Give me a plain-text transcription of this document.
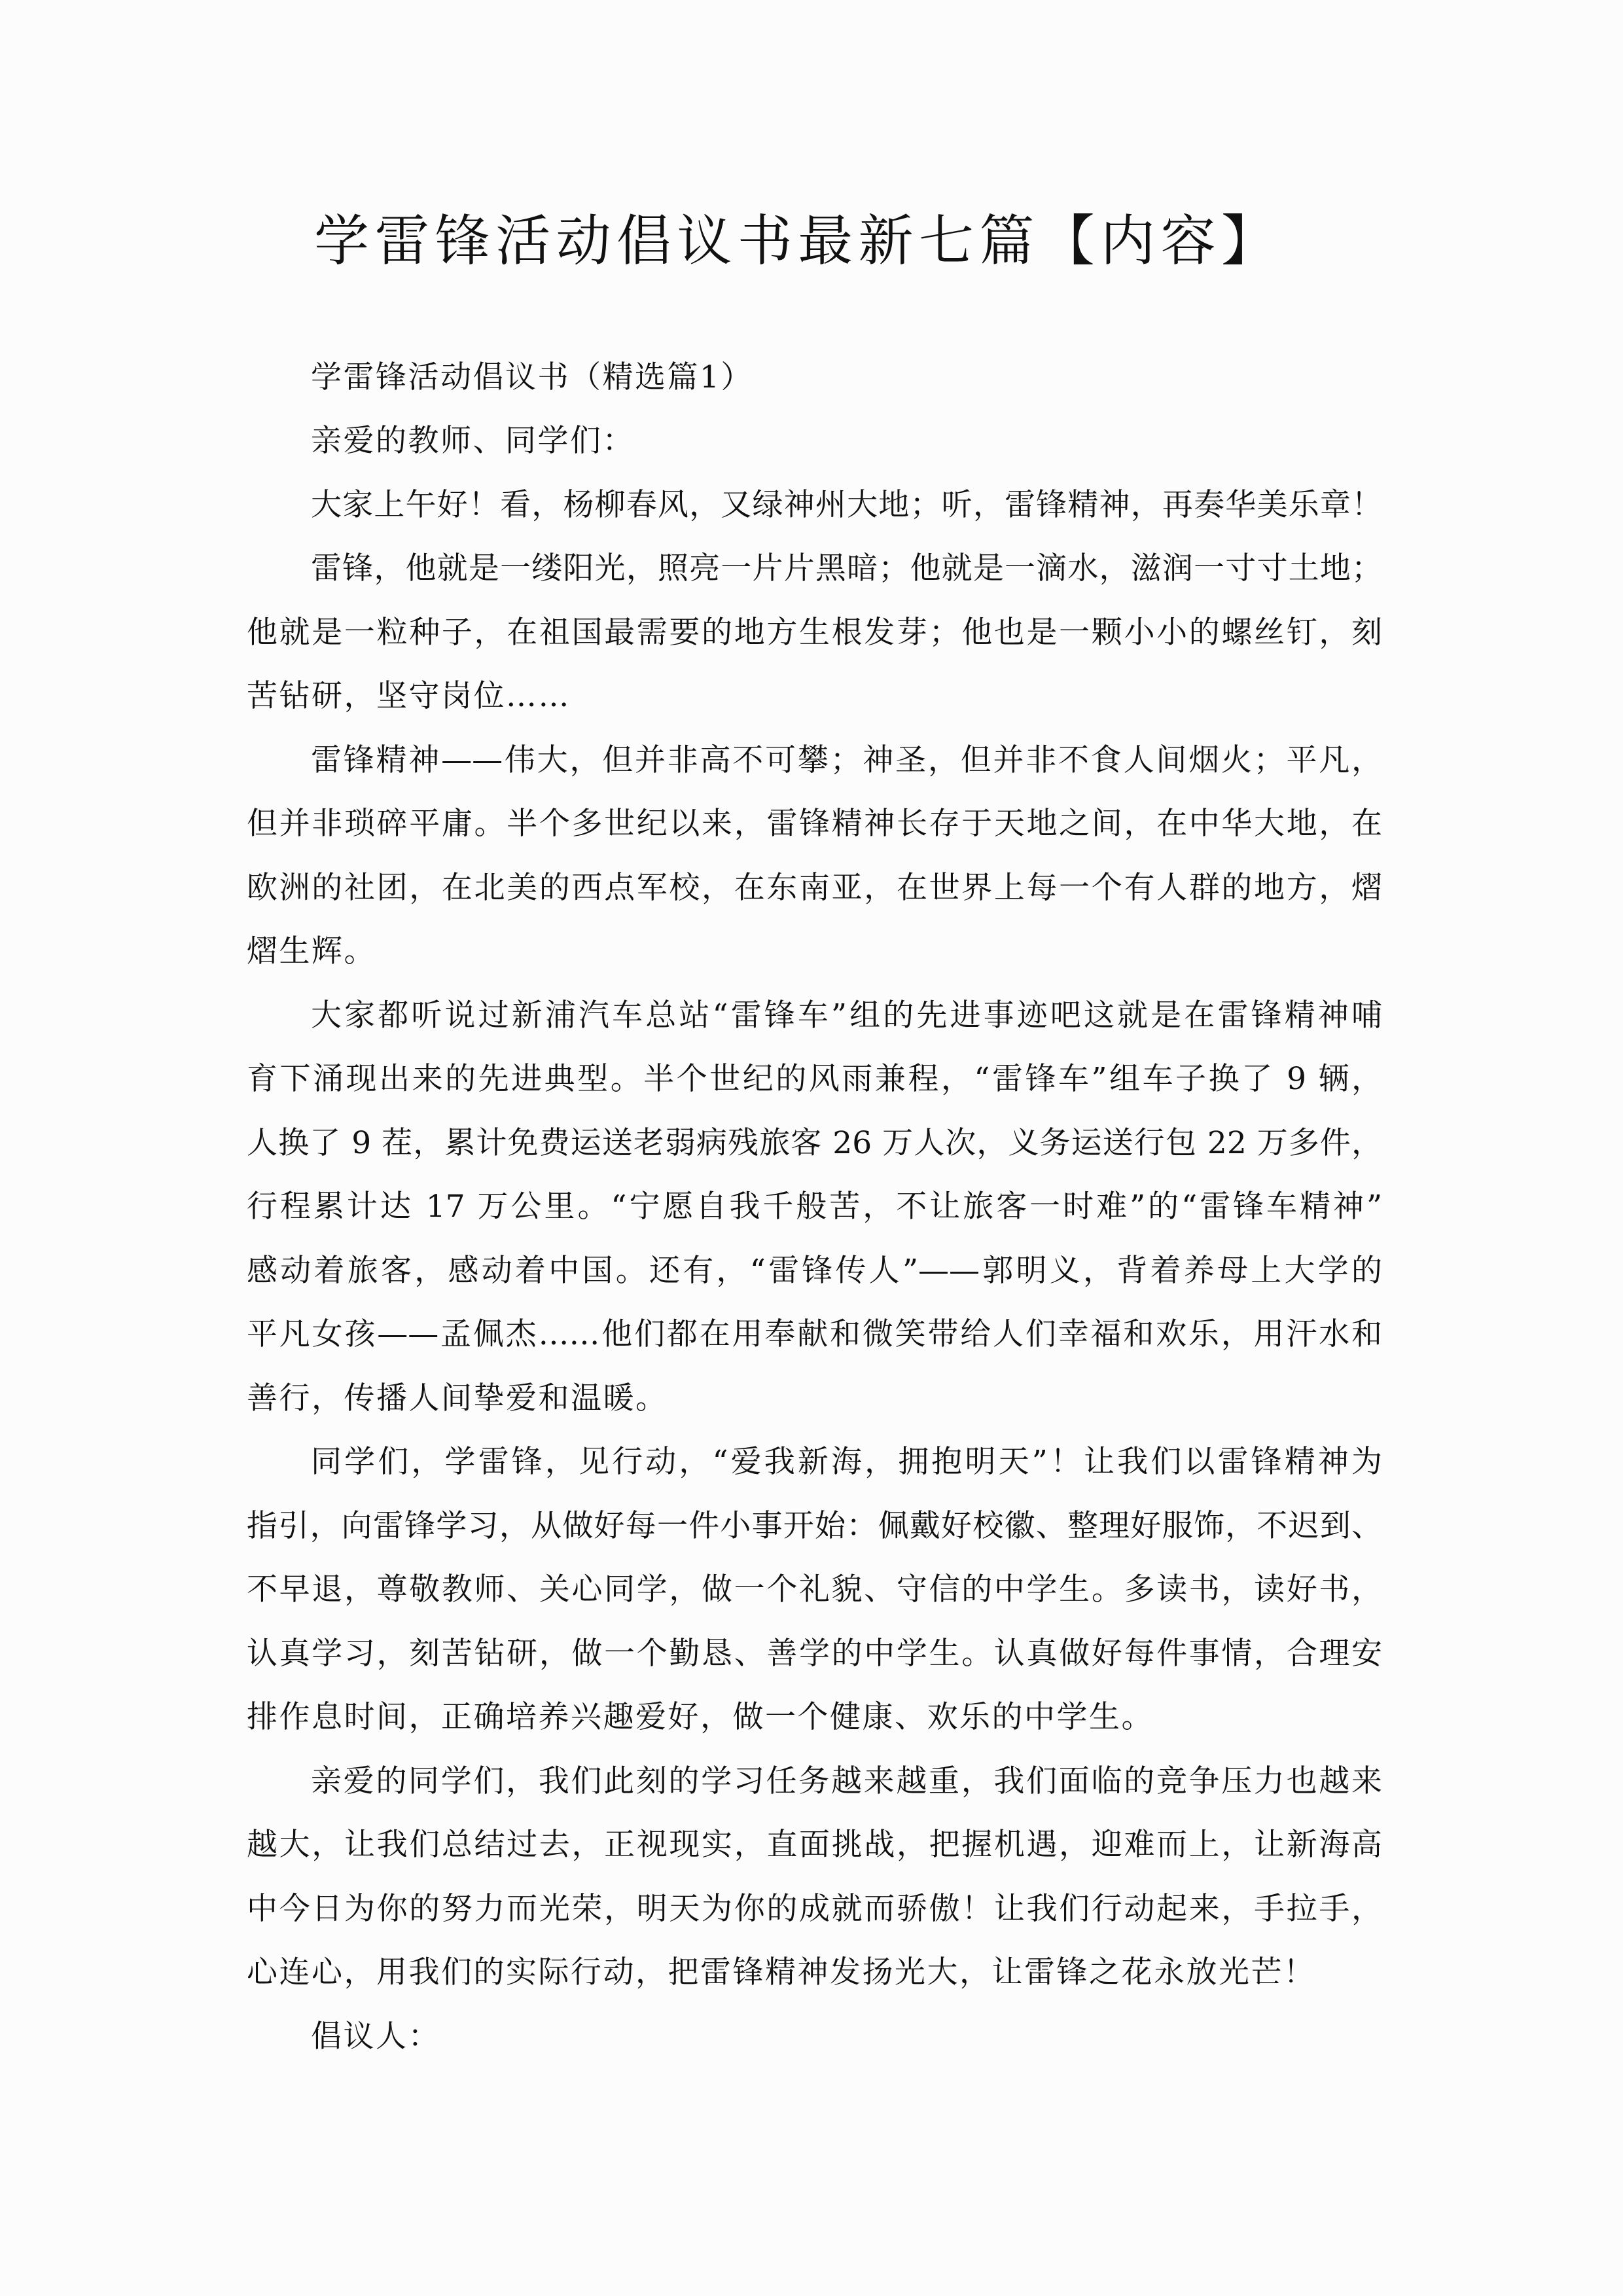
学雷锋活动倡议书最新七篇【内容】
学雷锋活动倡议书（精选篇1）
亲爱的教师、同学们：
大家上午好！看，杨柳春风，又绿神州大地；听，雷锋精神，再奏华美乐章！
雷锋，他就是一缕阳光，照亮一片片黑暗；他就是一滴水，滋润一寸寸土地；
他就是一粒种子，在祖国最需要的地方生根发芽；他也是一颗小小的螺丝钉，刻
苦钻研，坚守岗位……
雷锋精神——伟大，但并非高不可攀；神圣，但并非不食人间烟火；平凡，
但并非琐碎平庸。半个多世纪以来，雷锋精神长存于天地之间，在中华大地，在
欧洲的社团，在北美的西点军校，在东南亚，在世界上每一个有人群的地方，熠
熠生辉。
大家都听说过新浦汽车总站“雷锋车”组的先进事迹吧这就是在雷锋精神哺
育下涌现出来的先进典型。半个世纪的风雨兼程，“雷锋车”组车子换了 9 辆，
人换了 9 茬，累计免费运送老弱病残旅客 26 万人次，义务运送行包 22 万多件，
行程累计达 17 万公里。“宁愿自我千般苦，不让旅客一时难”的“雷锋车精神”
感动着旅客，感动着中国。还有，“雷锋传人”——郭明义，背着养母上大学的
平凡女孩——孟佩杰……他们都在用奉献和微笑带给人们幸福和欢乐，用汗水和
善行，传播人间挚爱和温暖。
同学们，学雷锋，见行动，“爱我新海，拥抱明天”！让我们以雷锋精神为
指引，向雷锋学习，从做好每一件小事开始：佩戴好校徽、整理好服饰，不迟到、
不早退，尊敬教师、关心同学，做一个礼貌、守信的中学生。多读书，读好书，
认真学习，刻苦钻研，做一个勤恳、善学的中学生。认真做好每件事情，合理安
排作息时间，正确培养兴趣爱好，做一个健康、欢乐的中学生。
亲爱的同学们，我们此刻的学习任务越来越重，我们面临的竞争压力也越来
越大，让我们总结过去，正视现实，直面挑战，把握机遇，迎难而上，让新海高
中今日为你的努力而光荣，明天为你的成就而骄傲！让我们行动起来，手拉手，
心连心，用我们的实际行动，把雷锋精神发扬光大，让雷锋之花永放光芒！
倡议人：
